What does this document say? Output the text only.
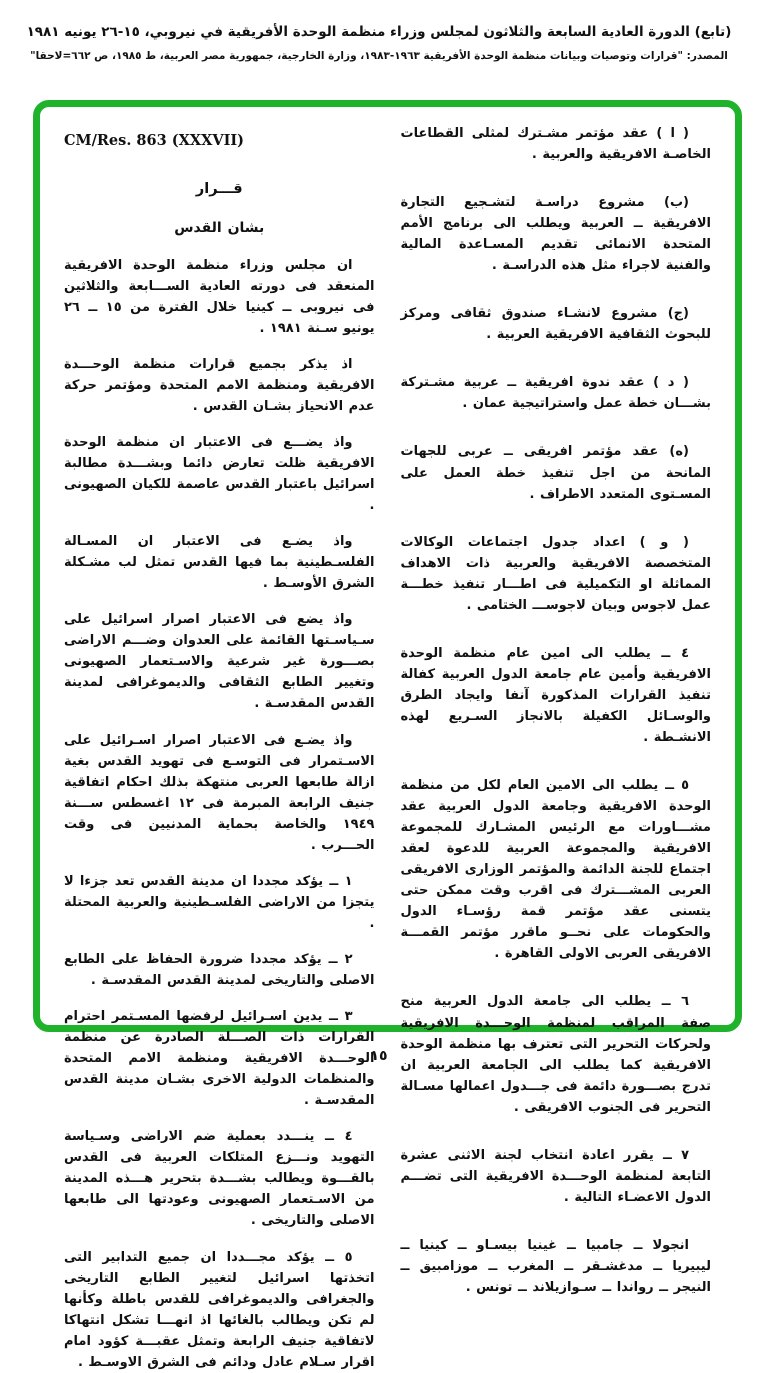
(تابع) الدورة العادية السابعة والثلاثون لمجلس وزراء منظمة الوحدة الأفريقية في نيروبي، ١٥-٢٦ يونيه ١٩٨١
المصدر: "قرارات وتوصيات وبيانات منظمة الوحدة الأفريقية ١٩٦٣-١٩٨٣، وزارة الخارجية، جمهورية مصر العربية، ط ١٩٨٥، ص ٦٦٢=لاحقا"

( ا ) عقد مؤتمر مشـترك لمثلى القطاعات الخاصـة الافريقية والعربية .

(ب) مشروع دراسـة لتشـجيع التجارة الافريقية ــ العربية ويطلب الى برنامج الأمم المتحدة الانمائى تقديم المسـاعدة المالية والفنية لاجراء مثل هذه الدراسـة .

(ج) مشروع لانشـاء صندوق ثقافى ومركز للبحوث الثقافية الافريقية العربية .

( د ) عقد ندوة افريقية ــ عربية مشـتركة بشـــان خطة عمل واستراتيجية عمان .

(ه) عقد مؤتمر افريقى ــ عربى للجهات المانحة من اجل تنفيذ خطة العمل على المسـتوى المتعدد الاطراف .

( و ) اعداد جدول اجتماعات الوكالات المتخصصة الافريقية والعربية ذات الاهداف المماثلة او التكميلية فى اطـــار تنفيذ خطـــة عمل لاجوس وبيان لاجوســـ الختامى .

٤ ــ يطلب الى امين عام منظمة الوحدة الافريقية وأمين عام جامعة الدول العربية كفالة تنفيذ القرارات المذكورة آنفا وايجاد الطرق والوسـائل الكفيلة بالانجاز السـريع لهذه الانشـطة .

٥ ــ يطلب الى الامين العام لكل من منظمة الوحدة الافريقية وجامعة الدول العربية عقد مشـــاورات مع الرئيس المشـارك للمجموعة الافريقية والمجموعة العربية للدعوة لعقد اجتماع للجنة الدائمة والمؤتمر الوزارى الافريقى العربى المشـــترك فى اقرب وقت ممكن حتى يتسنى عقد مؤتمر قمة رؤسـاء الدول والحكومات على نحــو ماقرر مؤتمر القمـــة الافريقى العربى الاولى القاهرة .

٦ ــ يطلب الى جامعة الدول العربية منح صفة المراقب لمنظمة الوحـــدة الافريقية ولحركات التحرير التى تعترف بها منظمة الوحدة الافريقية كما يطلب الى الجامعة العربية ان تدرج بصـــورة دائمة فى جـــدول اعمالها مسـالة التحرير فى الجنوب الافريقى .

٧ ــ يقرر اعادة انتخاب لجنة الاثنى عشرة التابعة لمنظمة الوحـــدة الافريقية التى تضـــم الدول الاعضـاء التالية .

انجولا ــ جامبيا ــ غينيا بيسـاو ــ كينيا ــ ليبيريا ــ مدغشـقر ــ المغرب ــ موزامبيق ــ النيجر ــ رواندا ــ سـوازيلاند ــ تونس .

CM/Res. 863 (XXXVII)

قـــرار

بشان القدس

ان مجلس وزراء منظمة الوحدة الافريقية المنعقد فى دورته العادية الســـابعة والثلاثين فى نيروبى ــ كينيا خلال الفترة من ١٥ ــ ٢٦ يونيو سـنة ١٩٨١ .

اذ يذكر بجميع قرارات منظمة الوحـــدة الافريقية ومنظمة الامم المتحدة ومؤتمر حركة عدم الانحياز بشـان القدس .

واذ يضـــع فى الاعتبار ان منظمة الوحدة الافريقية ظلت تعارض دائما وبشـــدة مطالبة اسرائيل باعتبار القدس عاصمة للكيان الصهيونى .

واذ يضـع فى الاعتبار ان المسـالة الفلسـطينية بما فيها القدس تمثل لب مشـكلة الشرق الأوسـط .

واذ يضع فى الاعتبار اصرار اسرائيل على سـياسـتها القائمة على العدوان وضـــم الاراضى بصـــورة غير شرعية والاسـتعمار الصهيونى وتغيير الطابع الثقافى والديموغرافى لمدينة القدس المقدسـة .

واذ يضـع فى الاعتبار اصرار اسـرائيل على الاسـتمرار فى التوسـع فى تهويد القدس بغية ازالة طابعها العربى منتهكة بذلك احكام اتفاقية جنيف الرابعة المبرمة فى ١٢ اغسطس ســـنة ١٩٤٩ والخاصة بحماية المدنيين فى وقت الحـــرب .

١ ــ يؤكد مجددا ان مدينة القدس تعد جزءا لا يتجزا من الاراضى الفلسـطينية والعربية المحتلة .

٢ ــ يؤكد مجددا ضرورة الحفاظ على الطابع الاصلى والتاريخى لمدينة القدس المقدسـة .

٣ ــ يدين اسـرائيل لرفضها المسـتمر احترام القرارات ذات الصـــلة الصادرة عن منظمة الوحـــدة الافريقية ومنظمة الامم المتحدة والمنظمات الدولية الاخرى بشـان مدينة القدس المقدسـة .

٤ ــ ينـــدد بعملية ضم الاراضى وسـياسة التهويد ونـــزع المتلكات العربية فى القدس بالقـــوة ويطالب بشـــدة بتحرير هـــذه المدينة من الاسـتعمار الصهيونى وعودتها الى طابعها الاصلى والتاريخى .

٥ ــ يؤكد مجـــددا ان جميع التدابير التى اتخذتها اسرائيل لتغيير الطابع التاريخى والجغرافى والديموغرافى للقدس باطلة وكأنها لم تكن ويطالب بالغائها اذ انهـــا تشكل انتهاكا لاتفاقية جنيف الرابعة وتمثل عقبـــة كؤود امام اقرار سـلام عادل ودائم فى الشرق الاوسـط .

١٥
